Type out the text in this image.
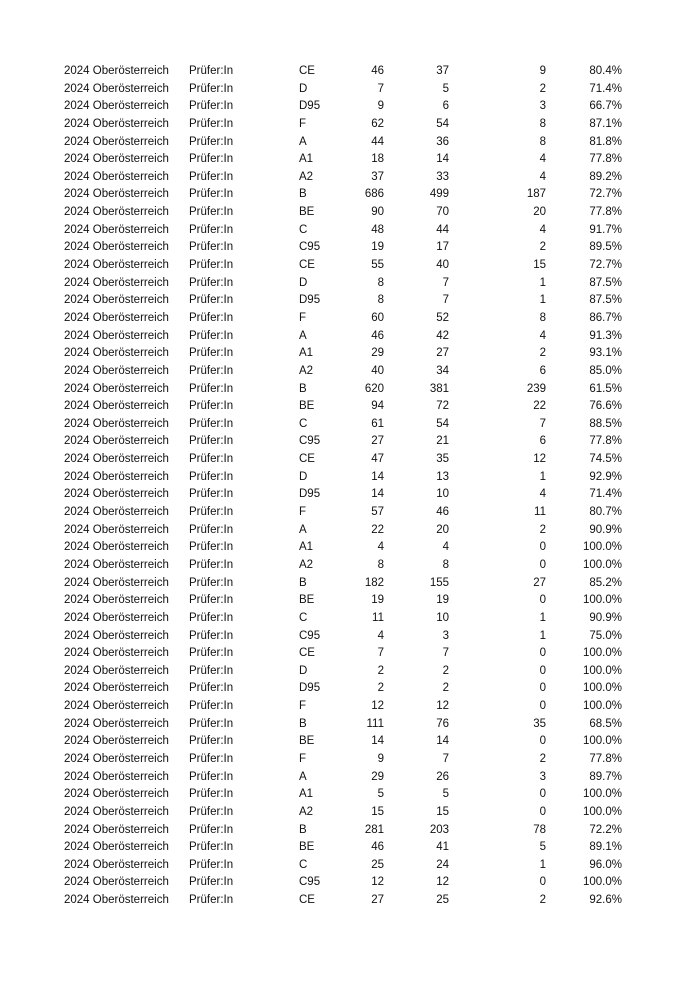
2024 Oberösterreich	Prüfer:In	CE	46	37	9	80.4%
2024 Oberösterreich	Prüfer:In	D	7	5	2	71.4%
2024 Oberösterreich	Prüfer:In	D95	9	6	3	66.7%
2024 Oberösterreich	Prüfer:In	F	62	54	8	87.1%
2024 Oberösterreich	Prüfer:In	A	44	36	8	81.8%
2024 Oberösterreich	Prüfer:In	A1	18	14	4	77.8%
2024 Oberösterreich	Prüfer:In	A2	37	33	4	89.2%
2024 Oberösterreich	Prüfer:In	B	686	499	187	72.7%
2024 Oberösterreich	Prüfer:In	BE	90	70	20	77.8%
2024 Oberösterreich	Prüfer:In	C	48	44	4	91.7%
2024 Oberösterreich	Prüfer:In	C95	19	17	2	89.5%
2024 Oberösterreich	Prüfer:In	CE	55	40	15	72.7%
2024 Oberösterreich	Prüfer:In	D	8	7	1	87.5%
2024 Oberösterreich	Prüfer:In	D95	8	7	1	87.5%
2024 Oberösterreich	Prüfer:In	F	60	52	8	86.7%
2024 Oberösterreich	Prüfer:In	A	46	42	4	91.3%
2024 Oberösterreich	Prüfer:In	A1	29	27	2	93.1%
2024 Oberösterreich	Prüfer:In	A2	40	34	6	85.0%
2024 Oberösterreich	Prüfer:In	B	620	381	239	61.5%
2024 Oberösterreich	Prüfer:In	BE	94	72	22	76.6%
2024 Oberösterreich	Prüfer:In	C	61	54	7	88.5%
2024 Oberösterreich	Prüfer:In	C95	27	21	6	77.8%
2024 Oberösterreich	Prüfer:In	CE	47	35	12	74.5%
2024 Oberösterreich	Prüfer:In	D	14	13	1	92.9%
2024 Oberösterreich	Prüfer:In	D95	14	10	4	71.4%
2024 Oberösterreich	Prüfer:In	F	57	46	11	80.7%
2024 Oberösterreich	Prüfer:In	A	22	20	2	90.9%
2024 Oberösterreich	Prüfer:In	A1	4	4	0	100.0%
2024 Oberösterreich	Prüfer:In	A2	8	8	0	100.0%
2024 Oberösterreich	Prüfer:In	B	182	155	27	85.2%
2024 Oberösterreich	Prüfer:In	BE	19	19	0	100.0%
2024 Oberösterreich	Prüfer:In	C	11	10	1	90.9%
2024 Oberösterreich	Prüfer:In	C95	4	3	1	75.0%
2024 Oberösterreich	Prüfer:In	CE	7	7	0	100.0%
2024 Oberösterreich	Prüfer:In	D	2	2	0	100.0%
2024 Oberösterreich	Prüfer:In	D95	2	2	0	100.0%
2024 Oberösterreich	Prüfer:In	F	12	12	0	100.0%
2024 Oberösterreich	Prüfer:In	B	111	76	35	68.5%
2024 Oberösterreich	Prüfer:In	BE	14	14	0	100.0%
2024 Oberösterreich	Prüfer:In	F	9	7	2	77.8%
2024 Oberösterreich	Prüfer:In	A	29	26	3	89.7%
2024 Oberösterreich	Prüfer:In	A1	5	5	0	100.0%
2024 Oberösterreich	Prüfer:In	A2	15	15	0	100.0%
2024 Oberösterreich	Prüfer:In	B	281	203	78	72.2%
2024 Oberösterreich	Prüfer:In	BE	46	41	5	89.1%
2024 Oberösterreich	Prüfer:In	C	25	24	1	96.0%
2024 Oberösterreich	Prüfer:In	C95	12	12	0	100.0%
2024 Oberösterreich	Prüfer:In	CE	27	25	2	92.6%
